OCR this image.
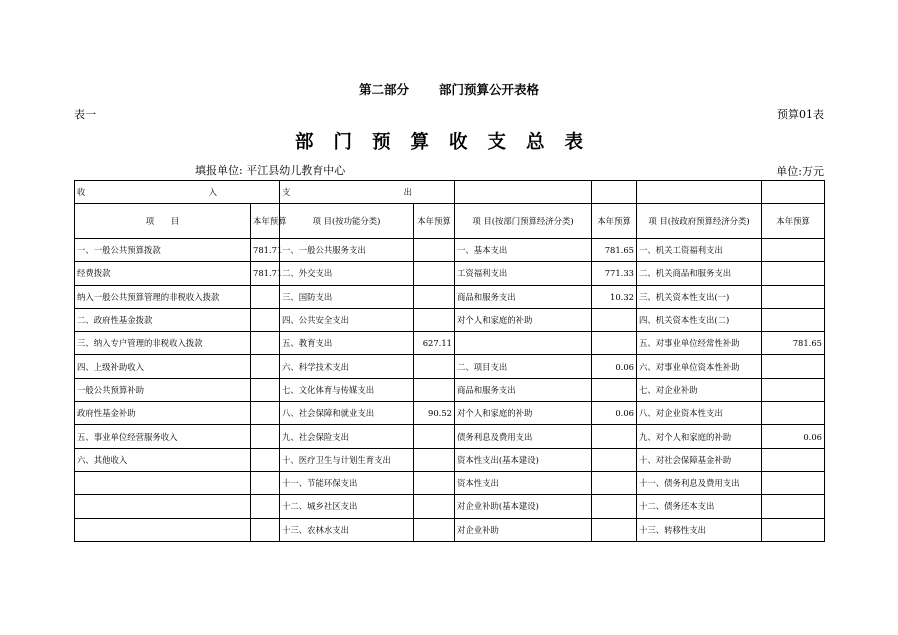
第二部分 部门预算公开表格
表一	预算01表
部门预算收支总表
填报单位: 平江县幼儿教育中心	单位:万元
收 入		支 出					

项　　目	本年预算	项 目(按功能分类)	本年预算	项 目(按部门预算经济分类)	本年预算	项 目(按政府预算经济分类)	本年预算
一、一般公共预算拨款	781.71	一、一般公共服务支出		一、基本支出	781.65	一、机关工资福利支出	
经费拨款	781.71	二、外交支出		工资福利支出	771.33	二、机关商品和服务支出	
纳入一般公共预算管理的非税收入拨款		三、国防支出		商品和服务支出	10.32	三、机关资本性支出(一)	
二、政府性基金拨款		四、公共安全支出		对个人和家庭的补助		四、机关资本性支出(二)	
三、纳入专户管理的非税收入拨款		五、教育支出	627.11			五、对事业单位经常性补助	781.65
四、上级补助收入		六、科学技术支出		二、项目支出	0.06	六、对事业单位资本性补助	
一般公共预算补助		七、文化体育与传媒支出		商品和服务支出		七、对企业补助	
政府性基金补助		八、社会保障和就业支出	90.52	对个人和家庭的补助	0.06	八、对企业资本性支出	
五、事业单位经营服务收入		九、社会保险支出		债务利息及费用支出		九、对个人和家庭的补助	0.06
六、其他收入		十、医疗卫生与计划生育支出		资本性支出(基本建设)		十、对社会保障基金补助	
		十一、节能环保支出		资本性支出		十一、债务利息及费用支出	
		十二、城乡社区支出		对企业补助(基本建设)		十二、债务还本支出	
		十三、农林水支出		对企业补助		十三、转移性支出	
